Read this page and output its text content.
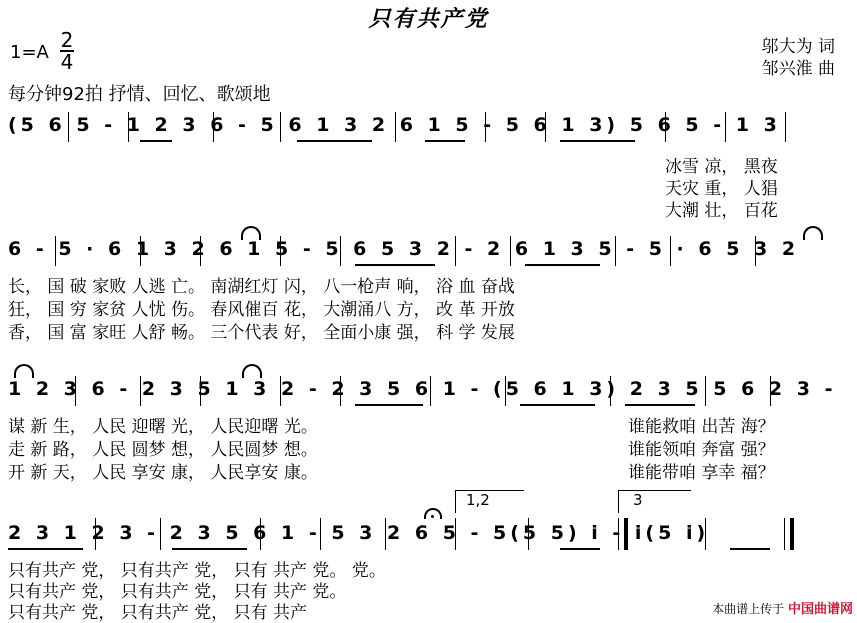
只有共产党
1=A
2
4
邬大为 词
邹兴淮 曲
每分钟92拍 抒情、回忆、歌颂地
(5 6 5 - 1 2 3 6 - 5 6 1 3 2 6 1 5 - 5 6 1 3) 5 6 5 - 1 3
冰雪 凉， 黑夜
天灾 重， 人猖
大潮 壮， 百花
6 - 5 · 6 1 3 2 6 1 5 - 5 6 5 3 2 - 2 6 1 3 5 - 5 · 6 5 3 2
长， 国 破 家败 人逃 亡。 南湖红灯 闪， 八一枪声 响， 浴 血 奋战
狂， 国 穷 家贫 人忧 伤。 春风催百 花， 大潮涌八 方， 改 革 开放
香， 国 富 家旺 人舒 畅。 三个代表 好， 全面小康 强， 科 学 发展
1 2 3 6 - 2 3 5 1 3 2 - 2 3 5 6 1 - (5 6 1 3) 2 3 5 5 6 2 3 -
谋 新 生， 人民 迎曙 光， 人民迎曙 光。
走 新 路， 人民 圆梦 想， 人民圆梦 想。
开 新 天， 人民 享安 康， 人民享安 康。
谁能救咱 出苦 海？
谁能领咱 奔富 强？
谁能带咱 享幸 福？
1,2	3
2 3 1 2 3 - 2 3 5 6 1 - 5 3 2 6 5 - 5(5 5) i - i(5 i)
只有共产 党， 只有共产 党， 只有 共产 党。 党。
只有共产 党， 只有共产 党， 只有 共产 党。
只有共产 党， 只有共产 党， 只有 共产	本曲谱上传于 中国曲谱网
